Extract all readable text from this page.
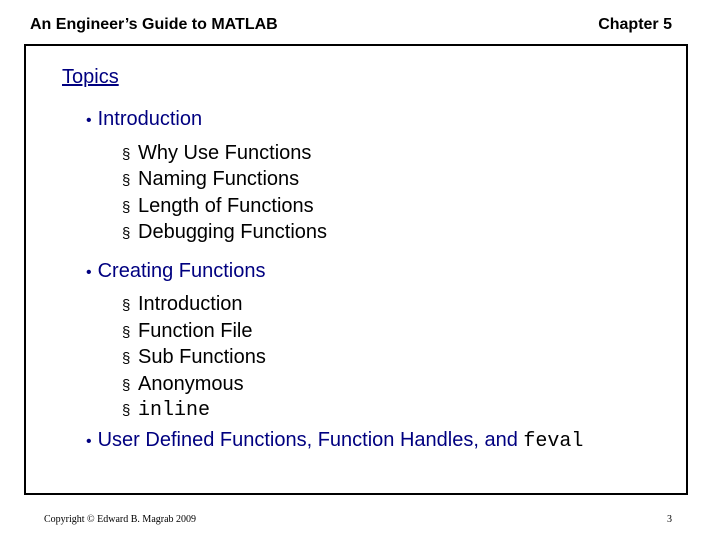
An Engineer’s Guide to MATLAB	Chapter 5
Topics
• Introduction
§ Why Use Functions
§ Naming Functions
§ Length of Functions
§ Debugging Functions
• Creating Functions
§ Introduction
§ Function File
§ Sub Functions
§ Anonymous
§ inline
• User Defined Functions, Function Handles, and feval
Copyright © Edward B. Magrab 2009	3
